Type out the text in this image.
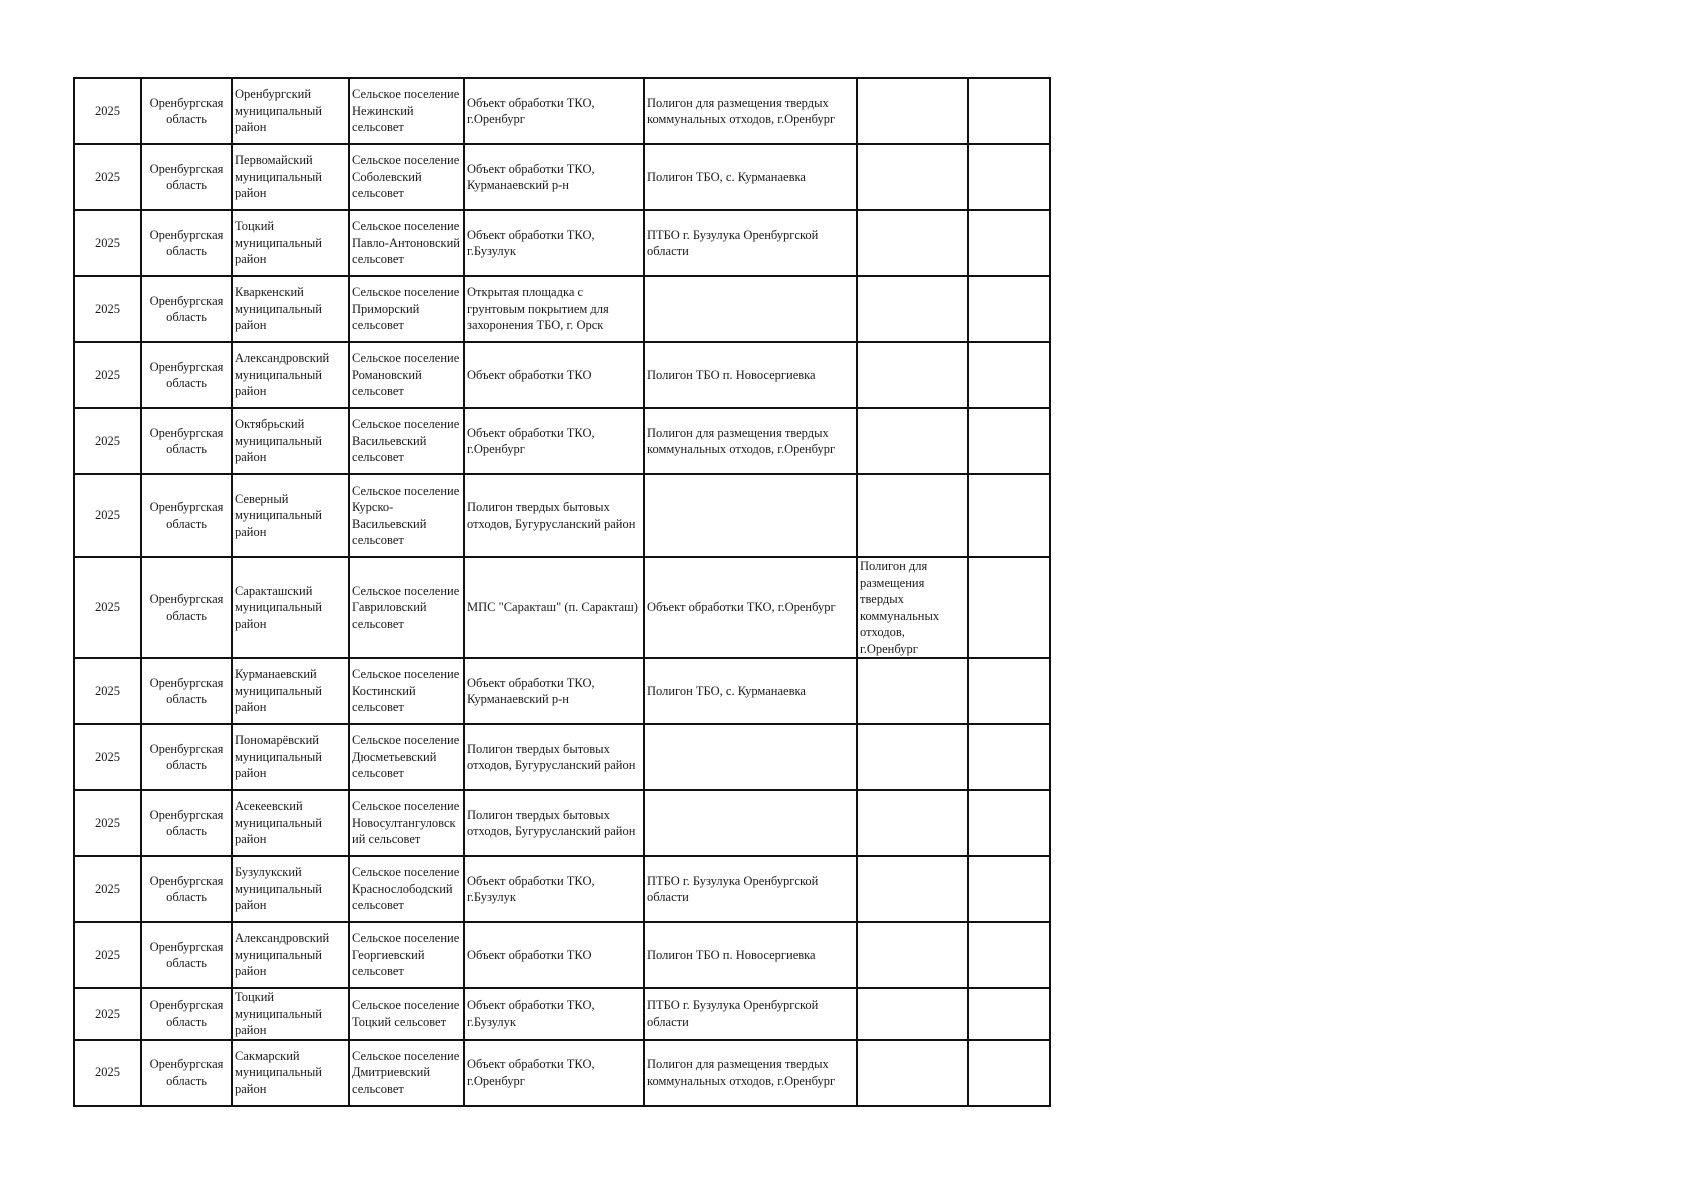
2025	Оренбургская область	Оренбургский муниципальный район	Сельское поселение Нежинский сельсовет	Объект обработки ТКО, г.Оренбург	Полигон для размещения твердых коммунальных отходов, г.Оренбург		
2025	Оренбургская область	Первомайский муниципальный район	Сельское поселение Соболевский сельсовет	Объект обработки ТКО, Курманаевский р-н	Полигон ТБО, с. Курманаевка		
2025	Оренбургская область	Тоцкий муниципальный район	Сельское поселение Павло-Антоновский сельсовет	Объект обработки ТКО, г.Бузулук	ПТБО г. Бузулука Оренбургской области		
2025	Оренбургская область	Кваркенский муниципальный район	Сельское поселение Приморский сельсовет	Открытая площадка с грунтовым покрытием для захоронения ТБО, г. Орск			
2025	Оренбургская область	Александровский муниципальный район	Сельское поселение Романовский сельсовет	Объект обработки ТКО	Полигон ТБО п. Новосергиевка		
2025	Оренбургская область	Октябрьский муниципальный район	Сельское поселение Васильевский сельсовет	Объект обработки ТКО, г.Оренбург	Полигон для размещения твердых коммунальных отходов, г.Оренбург		
2025	Оренбургская область	Северный муниципальный район	Сельское поселение Курско-Васильевский сельсовет	Полигон твердых бытовых отходов, Бугурусланский район			
2025	Оренбургская область	Саракташский муниципальный район	Сельское поселение Гавриловский сельсовет	МПС "Саракташ" (п. Саракташ)	Объект обработки ТКО, г.Оренбург	Полигон для размещения твердых коммунальных отходов, г.Оренбург	
2025	Оренбургская область	Курманаевский муниципальный район	Сельское поселение Костинский сельсовет	Объект обработки ТКО, Курманаевский р-н	Полигон ТБО, с. Курманаевка		
2025	Оренбургская область	Пономарёвский муниципальный район	Сельское поселение Дюсметьевский сельсовет	Полигон твердых бытовых отходов, Бугурусланский район			
2025	Оренбургская область	Асекеевский муниципальный район	Сельское поселение Новосултангуловский сельсовет	Полигон твердых бытовых отходов, Бугурусланский район			
2025	Оренбургская область	Бузулукский муниципальный район	Сельское поселение Краснослободский сельсовет	Объект обработки ТКО, г.Бузулук	ПТБО г. Бузулука Оренбургской области		
2025	Оренбургская область	Александровский муниципальный район	Сельское поселение Георгиевский сельсовет	Объект обработки ТКО	Полигон ТБО п. Новосергиевка		
2025	Оренбургская область	Тоцкий муниципальный район	Сельское поселение Тоцкий сельсовет	Объект обработки ТКО, г.Бузулук	ПТБО г. Бузулука Оренбургской области		
2025	Оренбургская область	Сакмарский муниципальный район	Сельское поселение Дмитриевский сельсовет	Объект обработки ТКО, г.Оренбург	Полигон для размещения твердых коммунальных отходов, г.Оренбург		
